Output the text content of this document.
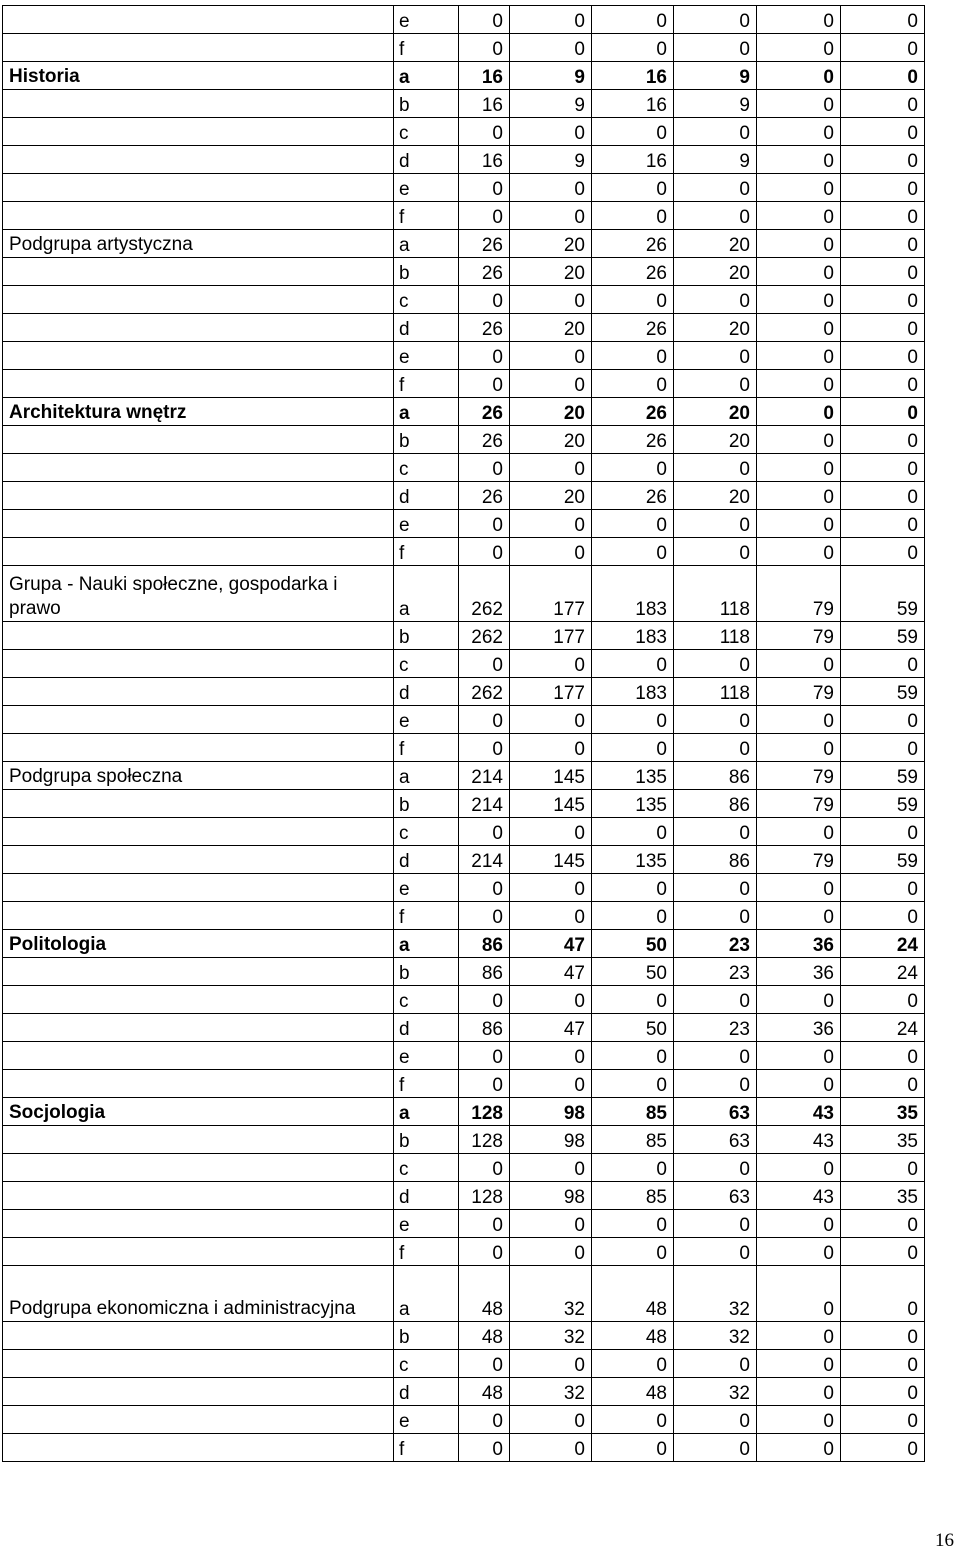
	e	0	0	0	0	0	0
	f	0	0	0	0	0	0
Historia	a	16	9	16	9	0	0
	b	16	9	16	9	0	0
	c	0	0	0	0	0	0
	d	16	9	16	9	0	0
	e	0	0	0	0	0	0
	f	0	0	0	0	0	0
Podgrupa artystyczna	a	26	20	26	20	0	0
	b	26	20	26	20	0	0
	c	0	0	0	0	0	0
	d	26	20	26	20	0	0
	e	0	0	0	0	0	0
	f	0	0	0	0	0	0
Architektura wnętrz	a	26	20	26	20	0	0
	b	26	20	26	20	0	0
	c	0	0	0	0	0	0
	d	26	20	26	20	0	0
	e	0	0	0	0	0	0
	f	0	0	0	0	0	0
Grupa - Nauki społeczne, gospodarka i prawo	a	262	177	183	118	79	59
	b	262	177	183	118	79	59
	c	0	0	0	0	0	0
	d	262	177	183	118	79	59
	e	0	0	0	0	0	0
	f	0	0	0	0	0	0
Podgrupa społeczna	a	214	145	135	86	79	59
	b	214	145	135	86	79	59
	c	0	0	0	0	0	0
	d	214	145	135	86	79	59
	e	0	0	0	0	0	0
	f	0	0	0	0	0	0
Politologia	a	86	47	50	23	36	24
	b	86	47	50	23	36	24
	c	0	0	0	0	0	0
	d	86	47	50	23	36	24
	e	0	0	0	0	0	0
	f	0	0	0	0	0	0
Socjologia	a	128	98	85	63	43	35
	b	128	98	85	63	43	35
	c	0	0	0	0	0	0
	d	128	98	85	63	43	35
	e	0	0	0	0	0	0
	f	0	0	0	0	0	0
Podgrupa ekonomiczna i administracyjna	a	48	32	48	32	0	0
	b	48	32	48	32	0	0
	c	0	0	0	0	0	0
	d	48	32	48	32	0	0
	e	0	0	0	0	0	0
	f	0	0	0	0	0	0
16
